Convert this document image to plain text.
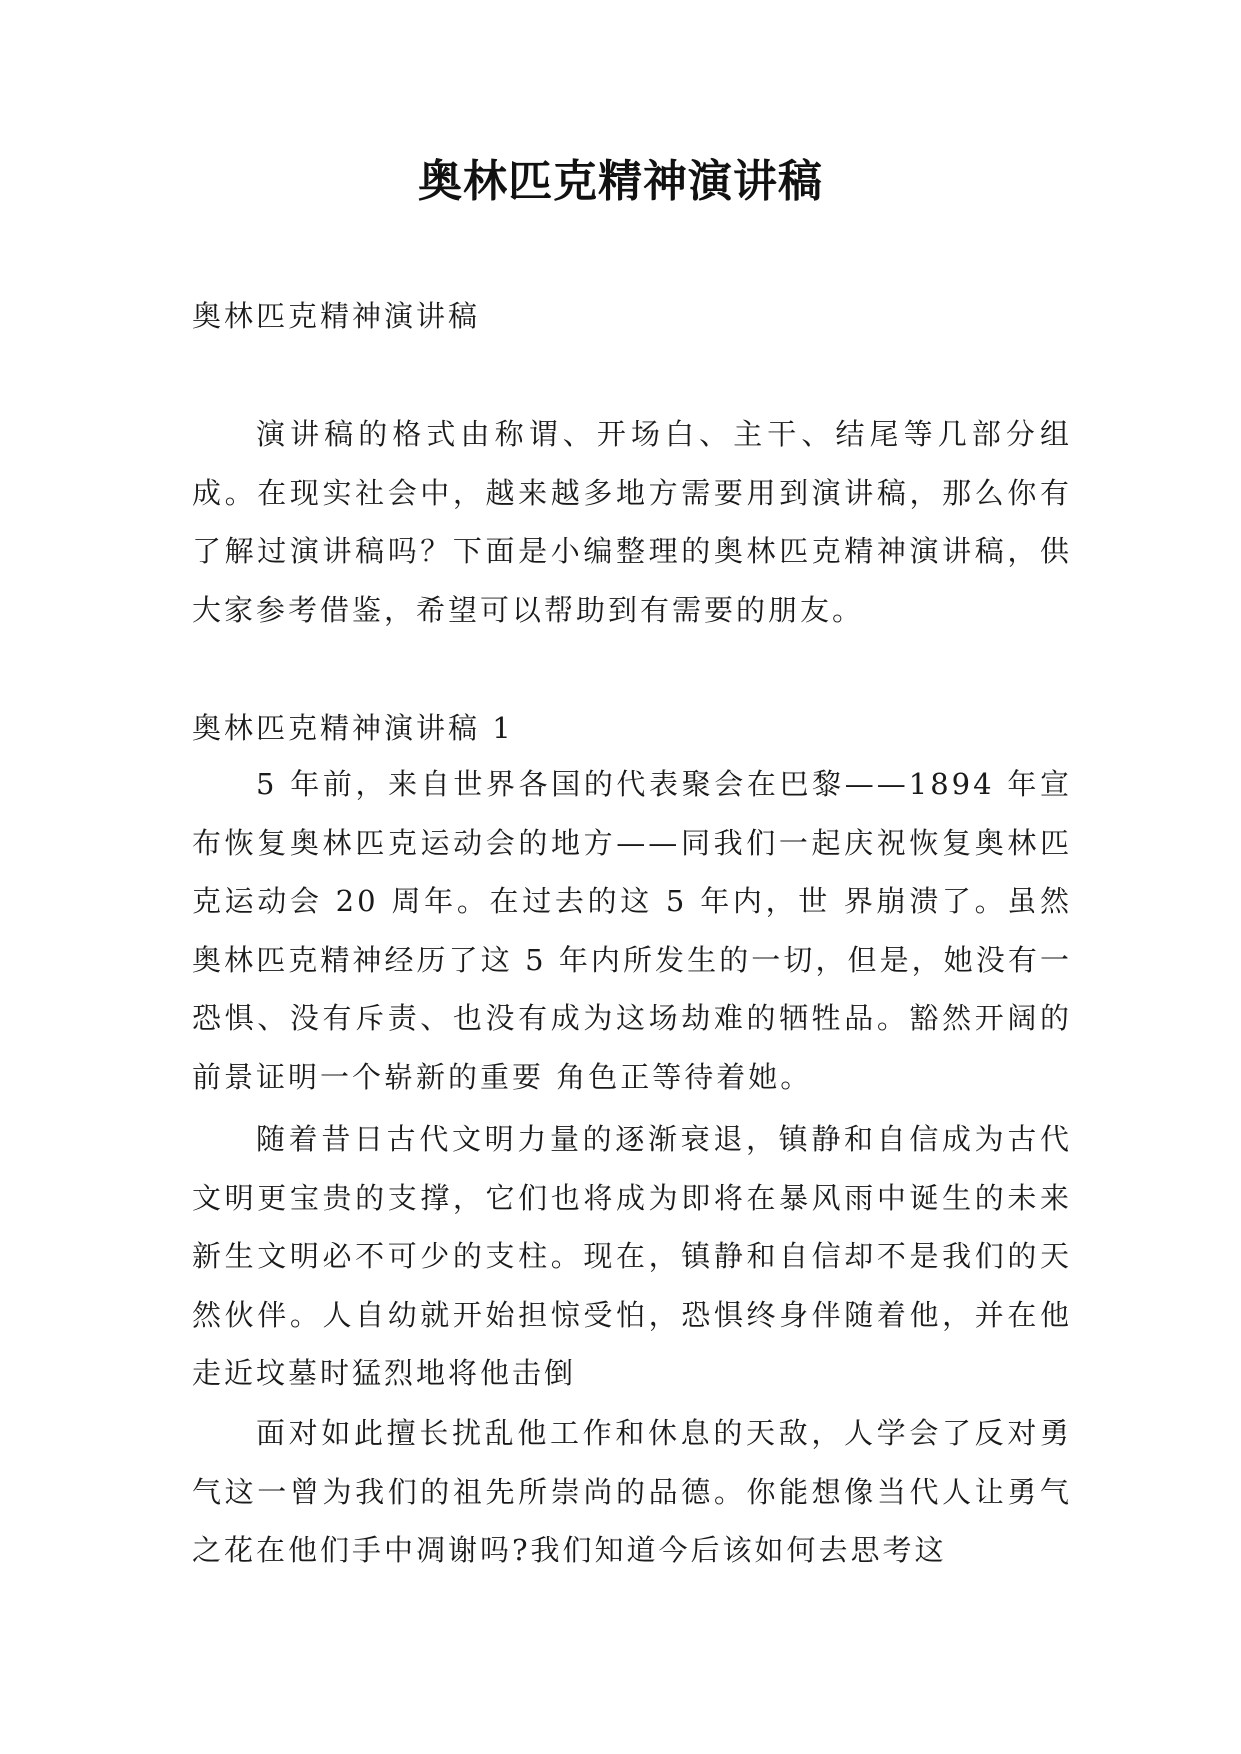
奥林匹克精神演讲稿

奥林匹克精神演讲稿

演讲稿的格式由称谓、开场白、主干、结尾等几部分组成。在现实社会中，越来越多地方需要用到演讲稿，那么你有了解过演讲稿吗？下面是小编整理的奥林匹克精神演讲稿，供大家参考借鉴，希望可以帮助到有需要的朋友。

奥林匹克精神演讲稿 1

5 年前，来自世界各国的代表聚会在巴黎——1894 年宣布恢复奥林匹克运动会的地方——同我们一起庆祝恢复奥林匹克运动会 20 周年。在过去的这 5 年内，世 界崩溃了。虽然奥林匹克精神经历了这 5 年内所发生的一切，但是，她没有一恐惧、没有斥责、也没有成为这场劫难的牺牲品。豁然开阔的前景证明一个崭新的重要 角色正等待着她。

随着昔日古代文明力量的逐渐衰退，镇静和自信成为古代文明更宝贵的支撑，它们也将成为即将在暴风雨中诞生的未来新生文明必不可少的支柱。现在，镇静和自信却不是我们的天然伙伴。人自幼就开始担惊受怕，恐惧终身伴随着他，并在他走近坟墓时猛烈地将他击倒

面对如此擅长扰乱他工作和休息的天敌，人学会了反对勇气这一曾为我们的祖先所崇尚的品德。你能想像当代人让勇气之花在他们手中凋谢吗?我们知道今后该如何去思考这
